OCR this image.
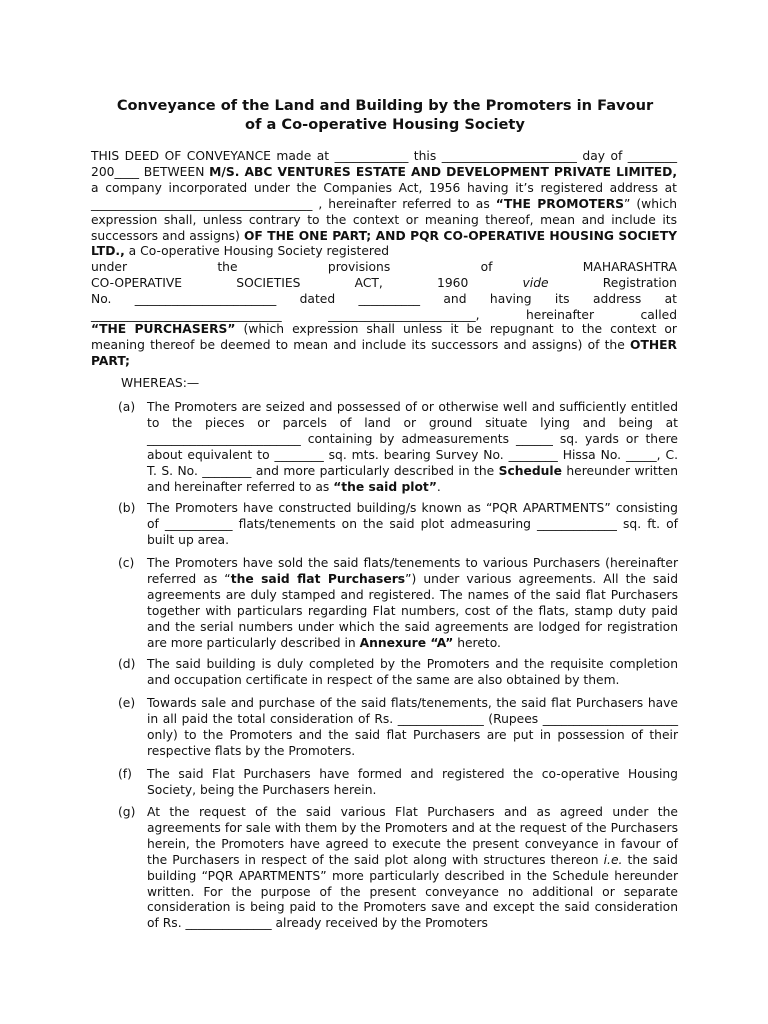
Conveyance of the Land and Building by the Promoters in Favour
of a Co-operative Housing Society
THIS DEED OF CONVEYANCE made at ____________ this ______________________ day of ________ 200____ BETWEEN M/S. ABC VENTURES ESTATE AND DEVELOPMENT PRIVATE LIMITED, a company incorporated under the Companies Act, 1956 having it’s registered address at ____________________________________ , hereinafter referred to as “THE PROMOTERS” (which expression shall, unless contrary to the context or meaning thereof, mean and include its successors and assigns) OF THE ONE PART; AND PQR CO-OPERATIVE HOUSING SOCIETY LTD., a Co-operative Housing Society registered
under	the	provisions	of	MAHARASHTRA
CO-OPERATIVE	SOCIETIES	ACT,	1960	vide	Registration
No. _______________________ dated __________ and having its address at _______________________________ ________________________, hereinafter called
“THE PURCHASERS” (which expression shall unless it be repugnant to the context or meaning thereof be deemed to mean and include its successors and assigns) of the OTHER PART;
WHEREAS:—
(a) The Promoters are seized and possessed of or otherwise well and sufficiently entitled to the pieces or parcels of land or ground situate lying and being at _________________________ containing by admeasurements ______ sq. yards or there about equivalent to ________ sq. mts. bearing Survey No. ________ Hissa No. _____, C. T. S. No. ________ and more particularly described in the Schedule hereunder written and hereinafter referred to as “the said plot”.
(b) The Promoters have constructed building/s known as “PQR APARTMENTS” consisting of ___________ flats/tenements on the said plot admeasuring _____________ sq. ft. of built up area.
(c)	The Promoters have sold the said flats/tenements to various Purchasers (hereinafter referred as “the said flat Purchasers”) under various agreements. All the said agreements are duly stamped and registered. The names of the said flat Purchasers together with particulars regarding Flat numbers, cost of the flats, stamp duty paid and the serial numbers under which the said agreements are lodged for registration are more particularly described in Annexure “A” hereto.
(d) The said building is duly completed by the Promoters and the requisite completion and occupation certificate in respect of the same are also obtained by them.
(e) Towards sale and purchase of the said flats/tenements, the said flat Purchasers have in all paid the total consideration of Rs. ______________ (Rupees ______________________ only) to the Promoters and the said flat Purchasers are put in possession of their respective flats by the Promoters.
(f)	The said Flat Purchasers have formed and registered the co-operative Housing Society, being the Purchasers herein.
(g) At the request of the said various Flat Purchasers and as agreed under the agreements for sale with them by the Promoters and at the request of the Purchasers herein, the Promoters have agreed to execute the present conveyance in favour of the Purchasers in respect of the said plot along with structures thereon i.e. the said building “PQR APARTMENTS” more particularly described in the Schedule hereunder written. For the purpose of the present conveyance no additional or separate consideration is being paid to the Promoters save and except the said consideration of Rs. ______________ already received by the Promoters
